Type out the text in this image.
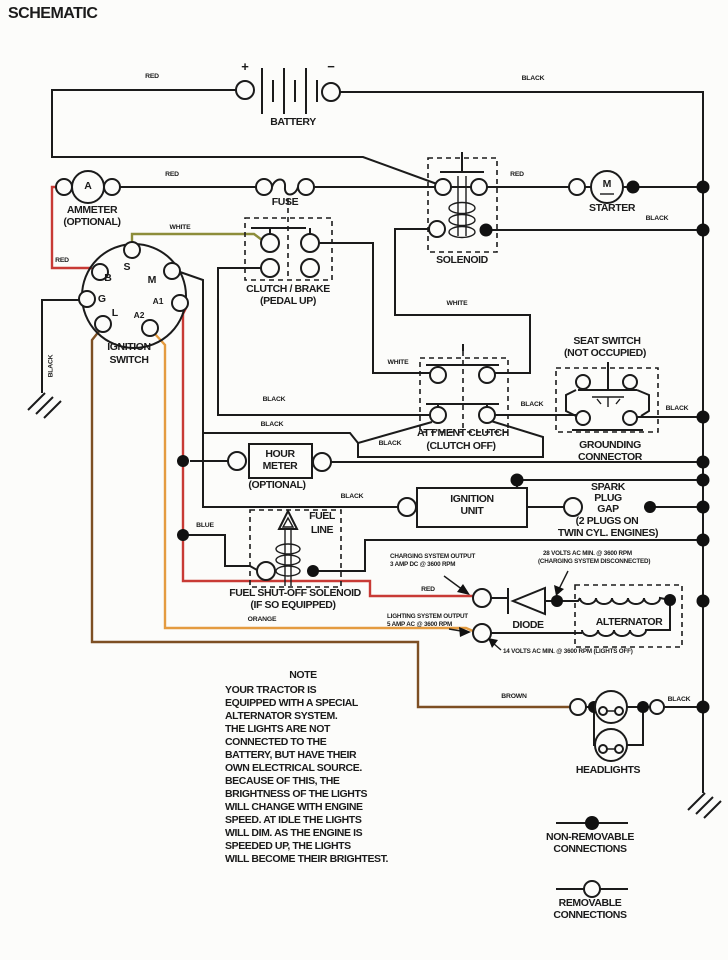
SCHEMATIC
RED	BLACK
+	−
BATTERY
A
AMMETER
(OPTIONAL)
RED
FUSE
SOLENOID
RED
M
STARTER
BLACK
RED
WHITE
BLACK
S
B	M
G	A1
L A2
IGNITION
SWITCH
CLUTCH / BRAKE
(PEDAL UP)	WHITE
WHITE
SEAT SWITCH
(NOT OCCUPIED)
ATT'MENT CLUTCH
(CLUTCH OFF)	GROUNDING
CONNECTOR
BLACK
BLACK
BLACK
BLACK
BLACK
HOUR
METER
(OPTIONAL)
BLACK	IGNITION
UNIT
SPARK
PLUG
GAP
(2 PLUGS ON
TWIN CYL. ENGINES)
FUEL
LINE
BLUE
CHARGING SYSTEM OUTPUT
3 AMP DC @ 3600 RPM
28 VOLTS AC MIN. @ 3600 RPM
(CHARGING SYSTEM DISCONNECTED)
FUEL SHUT-OFF SOLENOID
(IF SO EQUIPPED)
RED
DIODE	ALTERNATOR
LIGHTING SYSTEM OUTPUT
5 AMP AC @ 3600 RPM
ORANGE
14 VOLTS AC MIN. @ 3600 RPM (LIGHTS OFF)
BROWN	BLACK
HEADLIGHTS
NON-REMOVABLE
CONNECTIONS
REMOVABLE
CONNECTIONS
NOTE
YOUR TRACTOR IS
EQUIPPED WITH A SPECIAL
ALTERNATOR SYSTEM.
THE LIGHTS ARE NOT
CONNECTED TO THE
BATTERY, BUT HAVE THEIR
OWN ELECTRICAL SOURCE.
BECAUSE OF THIS, THE
BRIGHTNESS OF THE LIGHTS
WILL CHANGE WITH ENGINE
SPEED. AT IDLE THE LIGHTS
WILL DIM. AS THE ENGINE IS
SPEEDED UP, THE LIGHTS
WILL BECOME THEIR BRIGHTEST.
